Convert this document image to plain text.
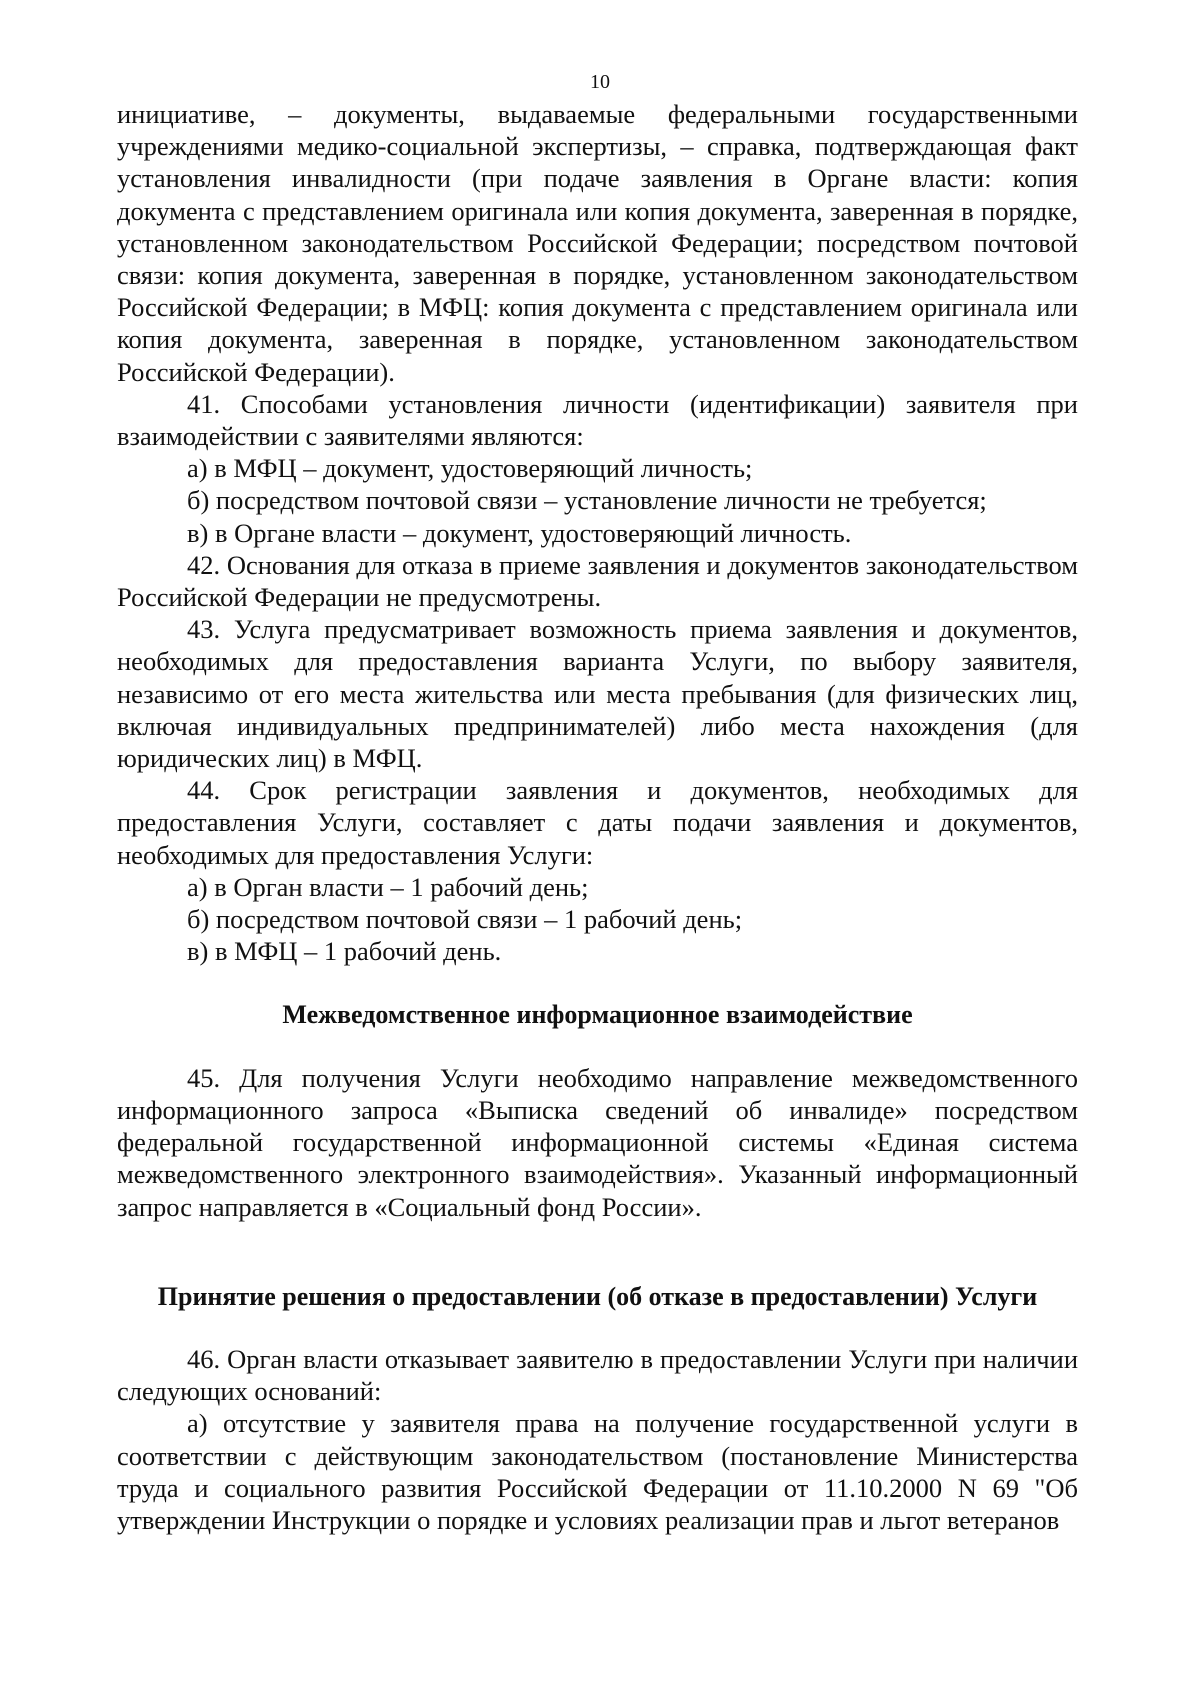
10

инициативе, – документы, выдаваемые федеральными государственными учреждениями медико-социальной экспертизы, – справка, подтверждающая факт установления инвалидности (при подаче заявления в Органе власти: копия документа с представлением оригинала или копия документа, заверенная в порядке, установленном законодательством Российской Федерации; посредством почтовой связи: копия документа, заверенная в порядке, установленном законодательством Российской Федерации; в МФЦ: копия документа с представлением оригинала или копия документа, заверенная в порядке, установленном законодательством Российской Федерации).

41. Способами установления личности (идентификации) заявителя при взаимодействии с заявителями являются:

а) в МФЦ – документ, удостоверяющий личность;

б) посредством почтовой связи – установление личности не требуется;

в) в Органе власти – документ, удостоверяющий личность.

42. Основания для отказа в приеме заявления и документов законодательством Российской Федерации не предусмотрены.

43. Услуга предусматривает возможность приема заявления и документов, необходимых для предоставления варианта Услуги, по выбору заявителя, независимо от его места жительства или места пребывания (для физических лиц, включая индивидуальных предпринимателей) либо места нахождения (для юридических лиц) в МФЦ.

44. Срок регистрации заявления и документов, необходимых для предоставления Услуги, составляет с даты подачи заявления и документов, необходимых для предоставления Услуги:

а) в Орган власти – 1 рабочий день;

б) посредством почтовой связи – 1 рабочий день;

в) в МФЦ – 1 рабочий день.

Межведомственное информационное взаимодействие

45. Для получения Услуги необходимо направление межведомственного информационного запроса «Выписка сведений об инвалиде» посредством федеральной государственной информационной системы «Единая система межведомственного электронного взаимодействия». Указанный информационный запрос направляется в «Социальный фонд России».

Принятие решения о предоставлении (об отказе в предоставлении) Услуги

46. Орган власти отказывает заявителю в предоставлении Услуги при наличии следующих оснований:

а) отсутствие у заявителя права на получение государственной услуги в соответствии с действующим законодательством (постановление Министерства труда и социального развития Российской Федерации от 11.10.2000 N 69 "Об утверждении Инструкции о порядке и условиях реализации прав и льгот ветеранов
